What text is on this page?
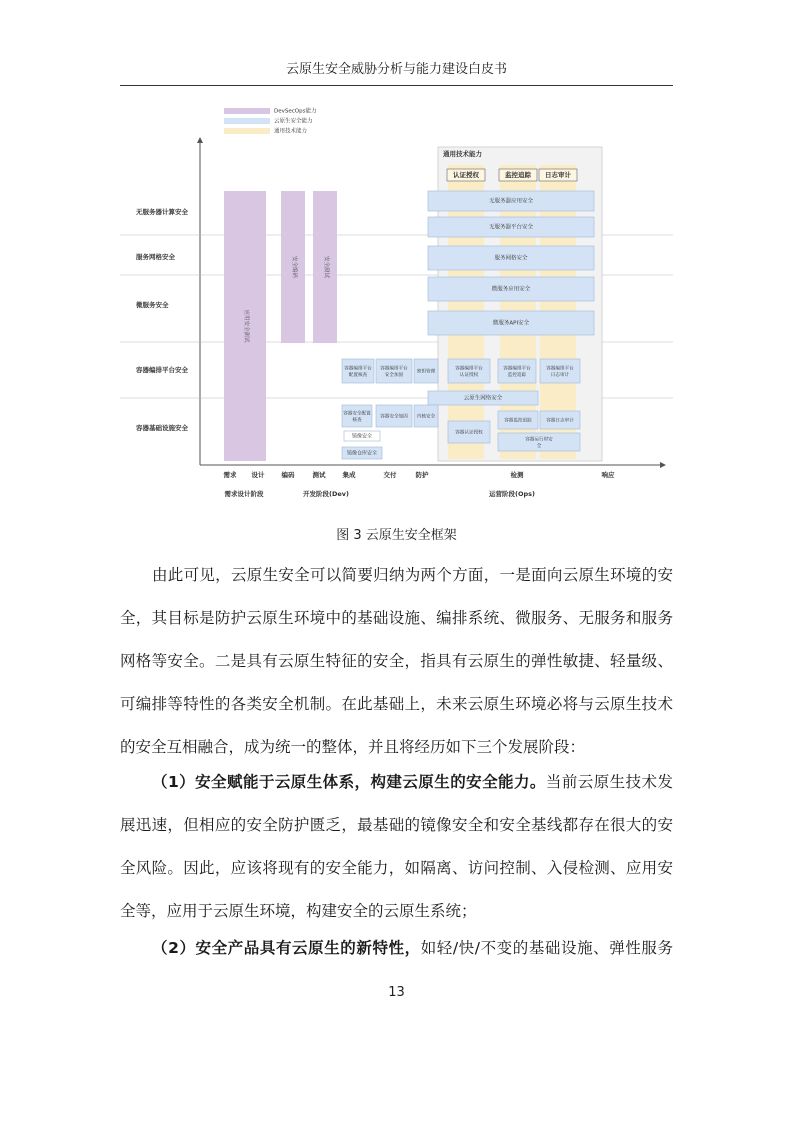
云原生安全威胁分析与能力建设白皮书
DevSecOps能力
云原生安全能力
通用技术能力
通用技术能力
认证授权	监控追踪 日志审计
无服务器计算安全
服务网格安全
微服务安全
容器编排平台安全
容器基础设施安全
应用安全测试
安全编码	安全测试
无服务器应用安全
无服务器平台安全
服务网格安全
微服务应用安全
微服务API安全
容器编排平台配置核查
容器编排平台安全加固
密钥管理
容器编排平台认证授权
容器编排平台监控追踪
容器编排平台日志审计
云原生网络安全
容器安全配置核查
容器安全加固 内核安全
容器认证授权
容器监控追踪	容器日志审计
容器运行时安全
镜像安全
镜像仓库安全
需求 设计	编码	测试	集成	交付	防护	检测	响应
需求设计阶段	开发阶段(Dev)	运营阶段(Ops)
图 3 云原生安全框架
由此可见，云原生安全可以简要归纳为两个方面，一是面向云原生环境的安
全，其目标是防护云原生环境中的基础设施、编排系统、微服务、无服务和服务
网格等安全。二是具有云原生特征的安全，指具有云原生的弹性敏捷、轻量级、
可编排等特性的各类安全机制。在此基础上，未来云原生环境必将与云原生技术
的安全互相融合，成为统一的整体，并且将经历如下三个发展阶段：
（1）安全赋能于云原生体系，构建云原生的安全能力。当前云原生技术发
展迅速，但相应的安全防护匮乏，最基础的镜像安全和安全基线都存在很大的安
全风险。因此，应该将现有的安全能力，如隔离、访问控制、入侵检测、应用安
全等，应用于云原生环境，构建安全的云原生系统；
（2）安全产品具有云原生的新特性，如轻/快/不变的基础设施、弹性服务
13
